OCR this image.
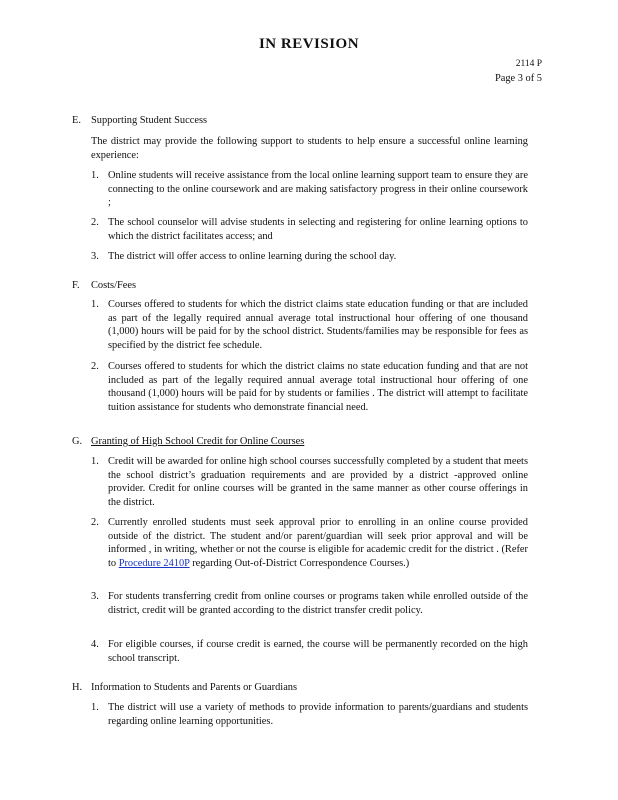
IN REVISION
2114 P
Page 3 of 5
E. Supporting Student Success
The district may provide the following support to students to help ensure a successful online learning experience:
1. Online students will receive assistance from the local online learning support team to ensure they are connecting to the online coursework and are making satisfactory progress in their online coursework ;
2. The school counselor will advise students in selecting and registering for online learning options to which the district facilitates access; and
3. The district will offer access to online learning during the school day.
F. Costs/Fees
1. Courses offered to students for which the district claims state education funding or that are included as part of the legally required annual average total instructional hour offering of one thousand (1,000) hours will be paid for by the school district. Students/families may be responsible for fees as specified by the district fee schedule.
2. Courses offered to students for which the district claims no state education funding and that are not included as part of the legally required annual average total instructional hour offering of one thousand (1,000) hours will be paid for by students or families . The district will attempt to facilitate tuition assistance for students who demonstrate financial need.
G. Granting of High School Credit for Online Courses
1. Credit will be awarded for online high school courses successfully completed by a student that meets the school district’s graduation requirements and are provided by a district -approved online provider. Credit for online courses will be granted in the same manner as other course offerings in the district.
2. Currently enrolled students must seek approval prior to enrolling in an online course provided outside of the district. The student and/or parent/guardian will seek prior approval and will be informed , in writing, whether or not the course is eligible for academic credit for the district . (Refer to Procedure 2410P regarding Out-of-District Correspondence Courses.)
3. For students transferring credit from online courses or programs taken while enrolled outside of the district, credit will be granted according to the district transfer credit policy.
4. For eligible courses, if course credit is earned, the course will be permanently recorded on the high school transcript.
H. Information to Students and Parents or Guardians
1. The district will use a variety of methods to provide information to parents/guardians and students regarding online learning opportunities.
